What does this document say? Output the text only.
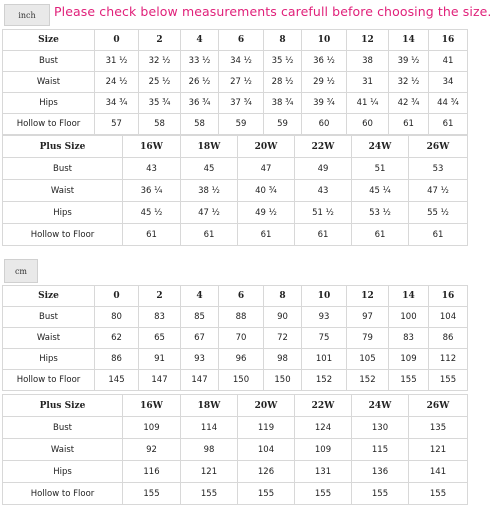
inch	Please check below measurements carefull before choosing the size.
Size	0	2	4	6	8	10	12	14	16
Bust	31 ½	32 ½	33 ½	34 ½	35 ½	36 ½	38	39 ½	41
Waist	24 ½	25 ½	26 ½	27 ½	28 ½	29 ½	31	32 ½	34
Hips	34 ¾	35 ¾	36 ¾	37 ¾	38 ¾	39 ¾	41 ¼	42 ¾	44 ¾
Hollow to Floor	57	58	58	59	59	60	60	61	61
Plus Size	16W	18W	20W	22W	24W	26W
Bust	43	45	47	49	51	53
Waist	36 ¼	38 ½	40 ¾	43	45 ¼	47 ½
Hips	45 ½	47 ½	49 ½	51 ½	53 ½	55 ½
Hollow to Floor	61	61	61	61	61	61
cm
Size	0	2	4	6	8	10	12	14	16
Bust	80	83	85	88	90	93	97	100	104
Waist	62	65	67	70	72	75	79	83	86
Hips	86	91	93	96	98	101	105	109	112
Hollow to Floor	145	147	147	150	150	152	152	155	155
Plus Size	16W	18W	20W	22W	24W	26W
Bust	109	114	119	124	130	135
Waist	92	98	104	109	115	121
Hips	116	121	126	131	136	141
Hollow to Floor	155	155	155	155	155	155
